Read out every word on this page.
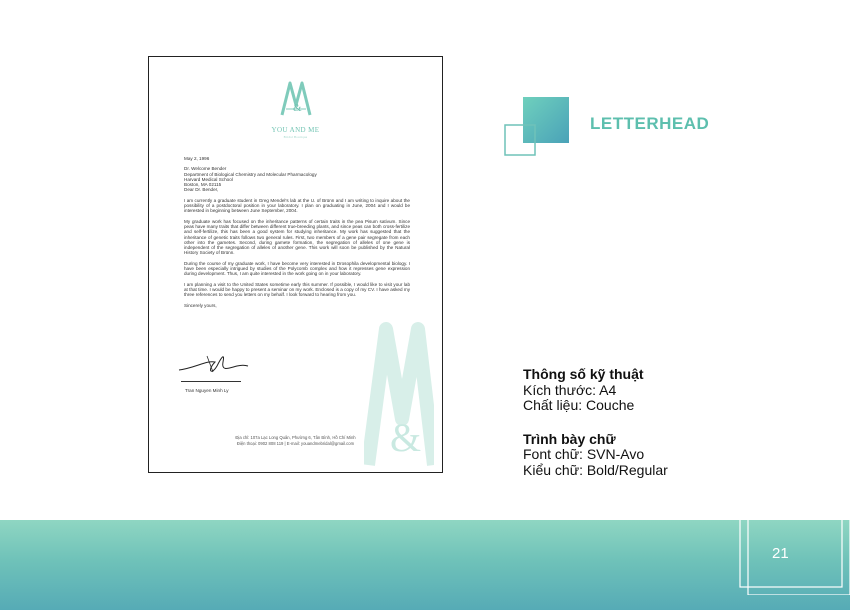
&
YOU AND ME
Bridal Boutique
&

May 2, 1996

Dr. Welcome Bender
Department of Biological Chemistry and Molecular Pharmacology
Harvard Medical School
Boston, MA 02115
Dear Dr. Bender,

I am currently a graduate student in Greg Mendel's lab at the U. of Brünn and I am writing to inquire about the possibility of a postdoctoral position in your laboratory. I plan on graduating in June, 2004 and I would be interested in beginning between June September, 2004.

My graduate work has focused on the inheritance patterns of certain traits in the pea Pisum sativum. Since peas have many traits that differ between different true-breeding plants, and since peas can both cross-fertilize and self-fertilize, this has been a good system for studying inheritance. My work has suggested that the inheritance of genetic traits follows two general rules. First, two members of a gene pair segregate from each other into the gametes. Second, during gamete formation, the segregation of alleles of one gene is independent of the segregation of alleles of another gene. This work will soon be published by the Natural History Society of Brünn.

During the course of my graduate work, I have become very interested in Drosophila developmental biology. I have been especially intrigued by studies of the Polycomb complex and how it represses gene expression during development. Thus, I am quite interested in the work going on in your laboratory.

I am planning a visit to the United States sometime early this summer. If possible, I would like to visit your lab at that time. I would be happy to present a seminar on my work. Enclosed is a copy of my CV. I have asked my three references to send you letters on my behalf. I look forward to hearing from you.

Sincerely yours,

Tran Nguyen Minh Ly
Địa chỉ: 107a Lạc Long Quân, Phường 6, Tân Bình, Hồ Chí Minh
Điện thoại: 0902 808 119 | E-mail: youandmebridal@gmail.com
LETTERHEAD
Thông số kỹ thuật
Kích thước: A4
Chất liệu: Couche
Trình bày chữ
Font chữ: SVN-Avo
Kiểu chữ: Bold/Regular
21
